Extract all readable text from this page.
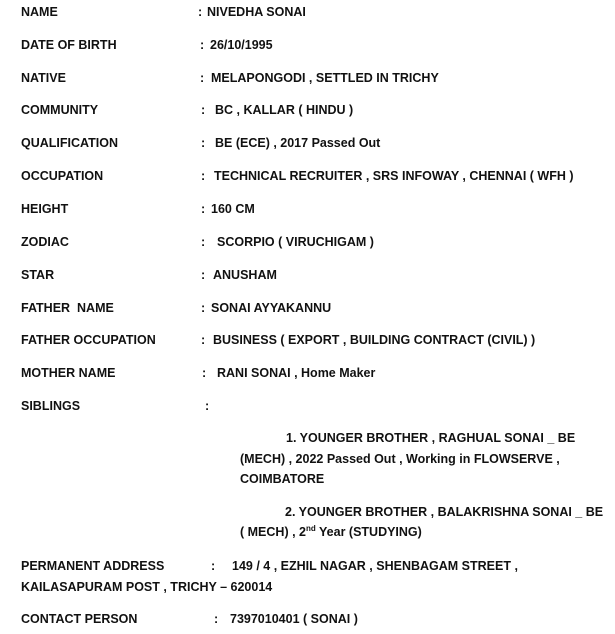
NAME	: NIVEDHA SONAI
DATE OF BIRTH	: 26/10/1995
NATIVE	: MELAPONGODI , SETTLED IN TRICHY
COMMUNITY	: BC , KALLAR ( HINDU )
QUALIFICATION	: BE (ECE) , 2017 Passed Out
OCCUPATION	: TECHNICAL RECRUITER , SRS INFOWAY , CHENNAI ( WFH )
HEIGHT	: 160 CM
ZODIAC	: SCORPIO ( VIRUCHIGAM )
STAR	: ANUSHAM
FATHER  NAME	: SONAI AYYAKANNU
FATHER OCCUPATION	: BUSINESS ( EXPORT , BUILDING CONTRACT (CIVIL) )
MOTHER NAME	: RANI SONAI , Home Maker
SIBLINGS	:
1. YOUNGER BROTHER , RAGHUAL SONAI _ BE
(MECH) , 2022 Passed Out , Working in FLOWSERVE ,
COIMBATORE
2. YOUNGER BROTHER , BALAKRISHNA SONAI _ BE
( MECH) , 2nd Year (STUDYING)
PERMANENT ADDRESS	: 149 / 4 , EZHIL NAGAR , SHENBAGAM STREET ,
KAILASAPURAM POST , TRICHY – 620014
CONTACT PERSON	: 7397010401 ( SONAI )
